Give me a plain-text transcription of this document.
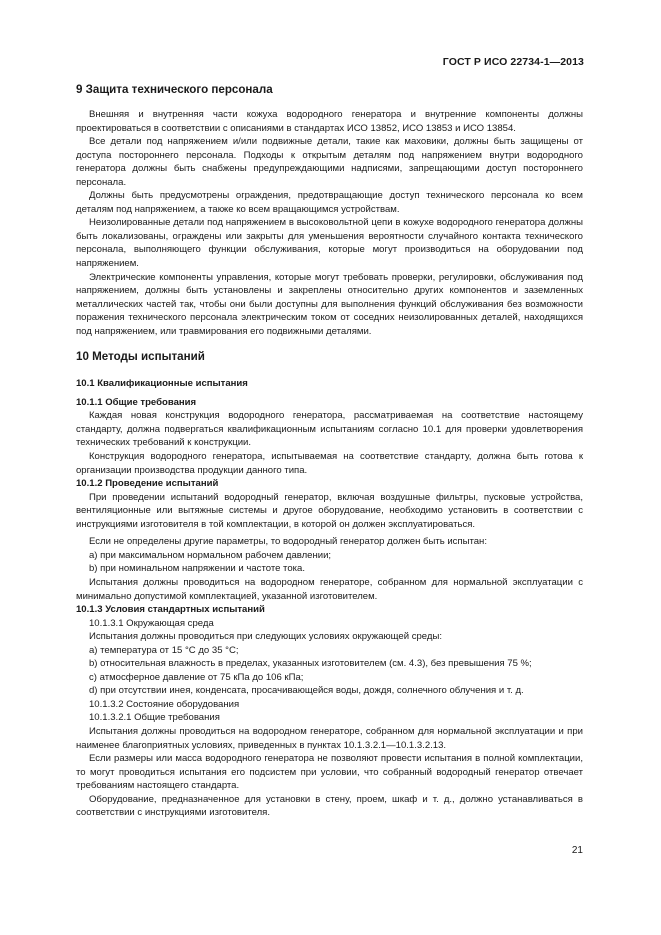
ГОСТ Р ИСО 22734-1—2013
9 Защита технического персонала

Внешняя и внутренняя части кожуха водородного генератора и внутренние компоненты должны проектироваться в соответствии с описаниями в стандартах ИСО 13852, ИСО 13853 и ИСО 13854.

Все детали под напряжением и/или подвижные детали, такие как маховики, должны быть защищены от доступа постороннего персонала. Подходы к открытым деталям под напряжением внутри водородного генератора должны быть снабжены предупреждающими надписями, запрещающими доступ постороннего персонала.

Должны быть предусмотрены ограждения, предотвращающие доступ технического персонала ко всем деталям под напряжением, а также ко всем вращающимся устройствам.

Неизолированные детали под напряжением в высоковольтной цепи в кожухе водородного генератора должны быть локализованы, ограждены или закрыты для уменьшения вероятности случайного контакта технического персонала, выполняющего функции обслуживания, которые могут производиться на оборудовании под напряжением.

Электрические компоненты управления, которые могут требовать проверки, регулировки, обслуживания под напряжением, должны быть установлены и закреплены относительно других компонентов и заземленных металлических частей так, чтобы они были доступны для выполнения функций обслуживания без возможности поражения технического персонала электрическим током от соседних неизолированных деталей, находящихся под напряжением, или травмирования его подвижными деталями.

10 Методы испытаний
10.1 Квалификационные испытания
10.1.1 Общие требования

Каждая новая конструкция водородного генератора, рассматриваемая на соответствие настоящему стандарту, должна подвергаться квалификационным испытаниям согласно 10.1 для проверки удовлетворения технических требований к конструкции.

Конструкция водородного генератора, испытываемая на соответствие стандарту, должна быть готова к организации производства продукции данного типа.

10.1.2 Проведение испытаний

При проведении испытаний водородный генератор, включая воздушные фильтры, пусковые устройства, вентиляционные или вытяжные системы и другое оборудование, необходимо установить в соответствии с инструкциями изготовителя в той комплектации, в которой он должен эксплуатироваться.

Если не определены другие параметры, то водородный генератор должен быть испытан:

a) при максимальном нормальном рабочем давлении;

b) при номинальном напряжении и частоте тока.

Испытания должны проводиться на водородном генераторе, собранном для нормальной эксплуатации с минимально допустимой комплектацией, указанной изготовителем.

10.1.3 Условия стандартных испытаний
10.1.3.1 Окружающая среда

Испытания должны проводиться при следующих условиях окружающей среды:

a) температура от 15 °С до 35 °С;

b) относительная влажность в пределах, указанных изготовителем (см. 4.3), без превышения 75 %;

c) атмосферное давление от 75 кПа до 106 кПа;

d) при отсутствии инея, конденсата, просачивающейся воды, дождя, солнечного облучения и т. д.

10.1.3.2 Состояние оборудования
10.1.3.2.1 Общие требования

Испытания должны проводиться на водородном генераторе, собранном для нормальной эксплуатации и при наименее благоприятных условиях, приведенных в пунктах 10.1.3.2.1—10.1.3.2.13.

Если размеры или масса водородного генератора не позволяют провести испытания в полной комплектации, то могут проводиться испытания его подсистем при условии, что собранный водородный генератор отвечает требованиям настоящего стандарта.

Оборудование, предназначенное для установки в стену, проем, шкаф и т. д., должно устанавливаться в соответствии с инструкциями изготовителя.

21
